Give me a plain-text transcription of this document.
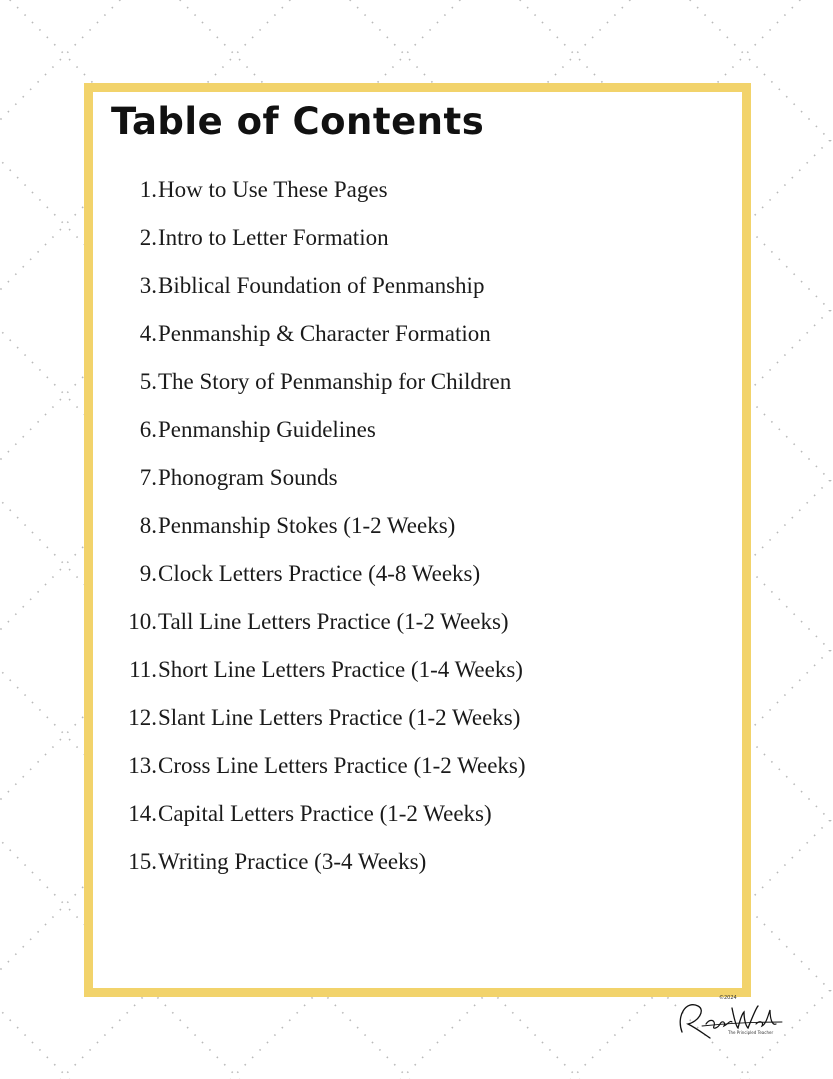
Table of Contents
1.How to Use These Pages
2.Intro to Letter Formation
3.Biblical Foundation of Penmanship
4.Penmanship & Character Formation
5.The Story of Penmanship for Children
6.Penmanship Guidelines
7.Phonogram Sounds
8.Penmanship Stokes (1-2 Weeks)
9.Clock Letters Practice (4-8 Weeks)
10.Tall Line Letters Practice (1-2 Weeks)
11.Short Line Letters Practice (1-4 Weeks)
12.Slant Line Letters Practice (1-2 Weeks)
13.Cross Line Letters Practice (1-2 Weeks)
14.Capital Letters Practice (1-2 Weeks)
15.Writing Practice (3-4 Weeks)
©2024
The Principled Teacher
